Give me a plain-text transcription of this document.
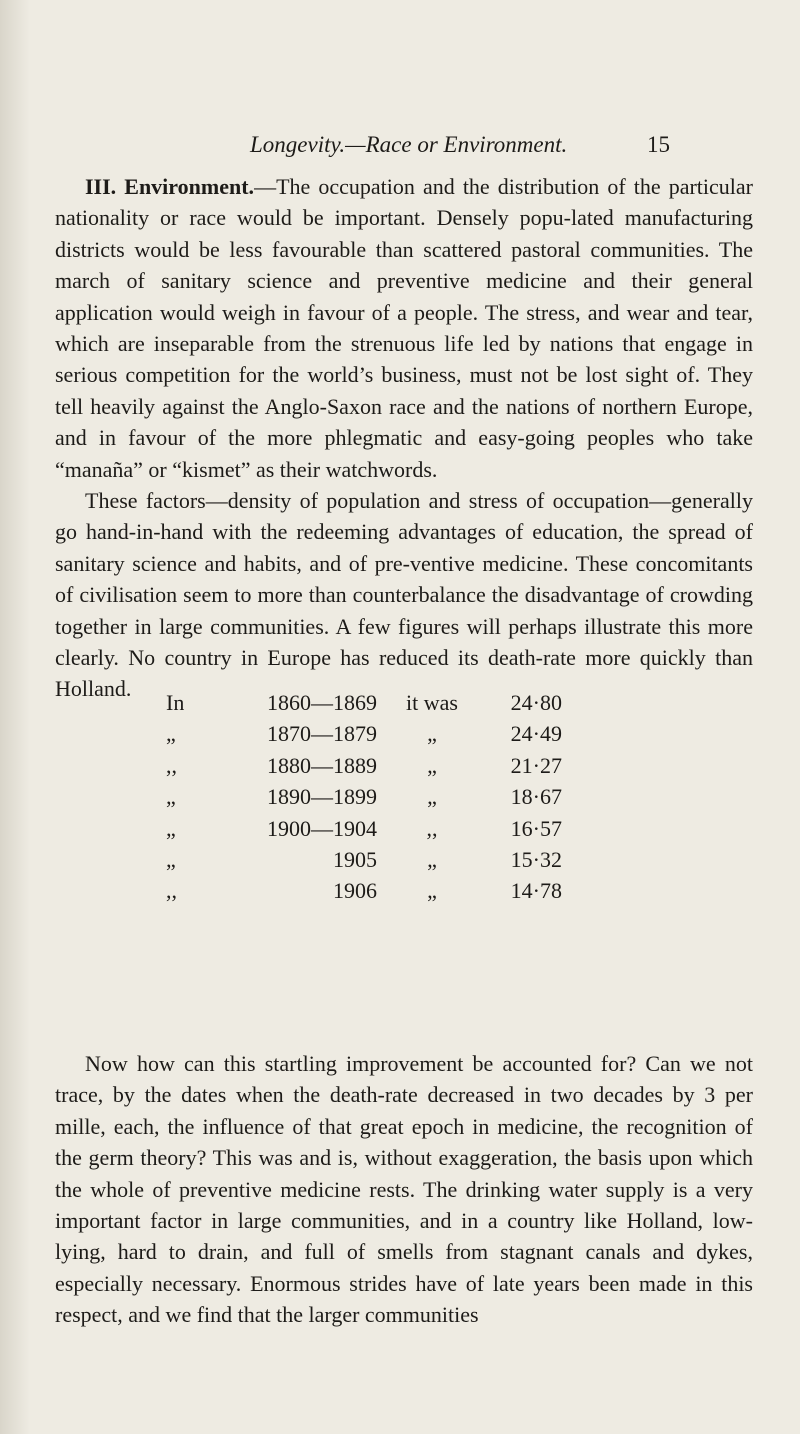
Longevity.—Race or Environment.	15

III. Environment.—The occupation and the distribution of the particular nationality or race would be important. Densely popu-lated manufacturing districts would be less favourable than scattered pastoral communities. The march of sanitary science and preventive medicine and their general application would weigh in favour of a people. The stress, and wear and tear, which are inseparable from the strenuous life led by nations that engage in serious competition for the world’s business, must not be lost sight of. They tell heavily against the Anglo-Saxon race and the nations of northern Europe, and in favour of the more phlegmatic and easy-going peoples who take “manaña” or “kismet” as their watchwords.

These factors—density of population and stress of occupation—generally go hand-in-hand with the redeeming advantages of education, the spread of sanitary science and habits, and of pre-ventive medicine. These concomitants of civilisation seem to more than counterbalance the disadvantage of crowding together in large communities. A few figures will perhaps illustrate this more clearly. No country in Europe has reduced its death-rate more quickly than Holland.

In	1860—1869	it was	24·80
„	1870—1879	„	24·49
,,	1880—1889	„	21·27
„	1890—1899	„	18·67
„	1900—1904	,,	16·57
„	1905	„	15·32
,,	1906	„	14·78

Now how can this startling improvement be accounted for? Can we not trace, by the dates when the death-rate decreased in two decades by 3 per mille, each, the influence of that great epoch in medicine, the recognition of the germ theory? This was and is, without exaggeration, the basis upon which the whole of preventive medicine rests. The drinking water supply is a very important factor in large communities, and in a country like Holland, low-lying, hard to drain, and full of smells from stagnant canals and dykes, especially necessary. Enormous strides have of late years been made in this respect, and we find that the larger communities
